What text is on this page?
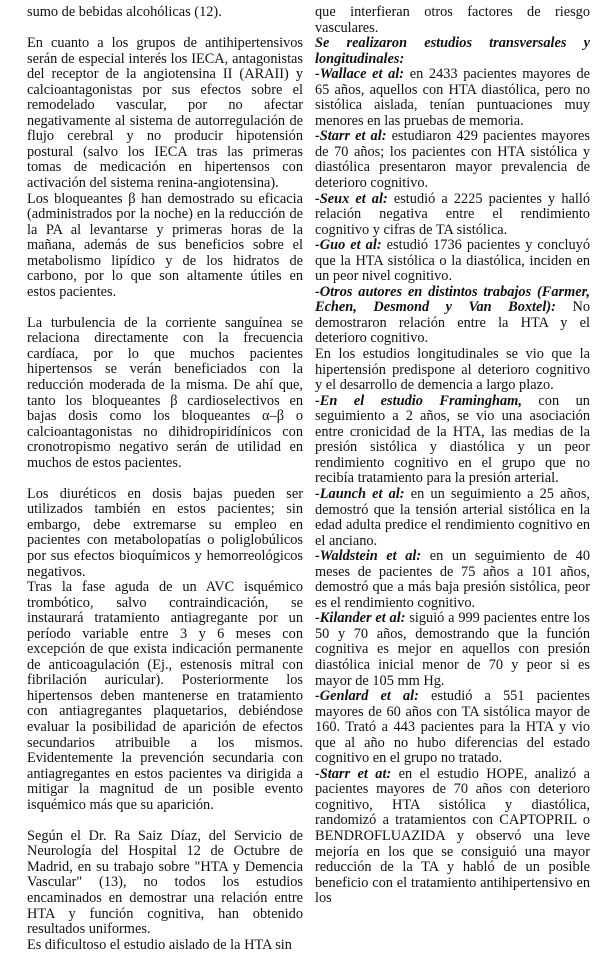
sumo de bebidas alcohólicas (12).

En cuanto a los grupos de antihipertensivos serán de especial interés los IECA, antagonistas del receptor de la angiotensina II (ARAII) y calcioantagonistas por sus efectos sobre el remodelado vascular, por no afectar negativamente al sistema de autorregulación de flujo cerebral y no producir hipotensión postural (salvo los IECA tras las primeras tomas de medicación en hipertensos con activación del sistema renina-angiotensina).

Los bloqueantes β han demostrado su eficacia (administrados por la noche) en la reducción de la PA al levantarse y primeras horas de la mañana, además de sus beneficios sobre el metabolismo lipídico y de los hidratos de carbono, por lo que son altamente útiles en estos pacientes.

La turbulencia de la corriente sanguínea se relaciona directamente con la frecuencia cardíaca, por lo que muchos pacientes hipertensos se verán beneficiados con la reducción moderada de la misma. De ahí que, tanto los bloqueantes β cardioselectivos en bajas dosis como los bloqueantes α–β o calcioantagonistas no dihidropiridínicos con cronotropismo negativo serán de utilidad en muchos de estos pacientes.

Los diuréticos en dosis bajas pueden ser utilizados también en estos pacientes; sin embargo, debe extremarse su empleo en pacientes con metabolopatías o poliglobúlicos por sus efectos bioquímicos y hemorreológicos negativos.

Tras la fase aguda de un AVC isquémico trombótico, salvo contraindicación, se instaurará tratamiento antiagregante por un período variable entre 3 y 6 meses con excepción de que exista indicación permanente de anticoagulación (Ej., estenosis mitral con fibrilación auricular). Posteriormente los hipertensos deben mantenerse en tratamiento con antiagregantes plaquetarios, debiéndose evaluar la posibilidad de aparición de efectos secundarios atribuible a los mismos. Evidentemente la prevención secundaria con antiagregantes en estos pacientes va dirigida a mitigar la magnitud de un posible evento isquémico más que su aparición.

Según el Dr. Ra Saiz Díaz, del Servicio de Neurología del Hospital 12 de Octubre de Madrid, en su trabajo sobre "HTA y Demencia Vascular" (13), no todos los estudios encaminados en demostrar una relación entre HTA y función cognitiva, han obtenido resultados uniformes.

Es dificultoso el estudio aislado de la HTA sin

que interfieran otros factores de riesgo vasculares.

Se realizaron estudios transversales y longitudinales:

-Wallace et al: en 2433 pacientes mayores de 65 años, aquellos con HTA diastólica, pero no sistólica aislada, tenían puntuaciones muy menores en las pruebas de memoria.

-Starr et al: estudiaron 429 pacientes mayores de 70 años; los pacientes con HTA sistólica y diastólica presentaron mayor prevalencia de deterioro cognitivo.

-Seux et al: estudió a 2225 pacientes y halló relación negativa entre el rendimiento cognitivo y cifras de TA sistólica.

-Guo et al: estudió 1736 pacientes y concluyó que la HTA sistólica o la diastólica, inciden en un peor nivel cognitivo.

-Otros autores en distintos trabajos (Farmer, Echen, Desmond y Van Boxtel): No demostraron relación entre la HTA y el deterioro cognitivo.

En los estudios longitudinales se vio que la hipertensión predispone al deterioro cognitivo y el desarrollo de demencia a largo plazo.

-En el estudio Framingham, con un seguimiento a 2 años, se vio una asociación entre cronicidad de la HTA, las medias de la presión sistólica y diastólica y un peor rendimiento cognitivo en el grupo que no recibía tratamiento para la presión arterial.

-Launch et al: en un seguimiento a 25 años, demostró que la tensión arterial sistólica en la edad adulta predice el rendimiento cognitivo en el anciano.

-Waldstein et al: en un seguimiento de 40 meses de pacientes de 75 años a 101 años, demostró que a más baja presión sistólica, peor es el rendimiento cognitivo.

-Kilander et al: siguió a 999 pacientes entre los 50 y 70 años, demostrando que la función cognitiva es mejor en aquellos con presión diastólica inicial menor de 70 y peor si es mayor de 105 mm Hg.

-Genlard et al: estudió a 551 pacientes mayores de 60 años con TA sistólica mayor de 160. Trató a 443 pacientes para la HTA y vio que al año no hubo diferencias del estado cognitivo en el grupo no tratado.

-Starr et at: en el estudio HOPE, analizó a pacientes mayores de 70 años con deterioro cognitivo, HTA sistólica y diastólica, randomizó a tratamientos con CAPTOPRIL o BENDROFLUAZIDA y observó una leve mejoría en los que se consiguió una mayor reducción de la TA y habló de un posible beneficio con el tratamiento antihipertensivo en los
